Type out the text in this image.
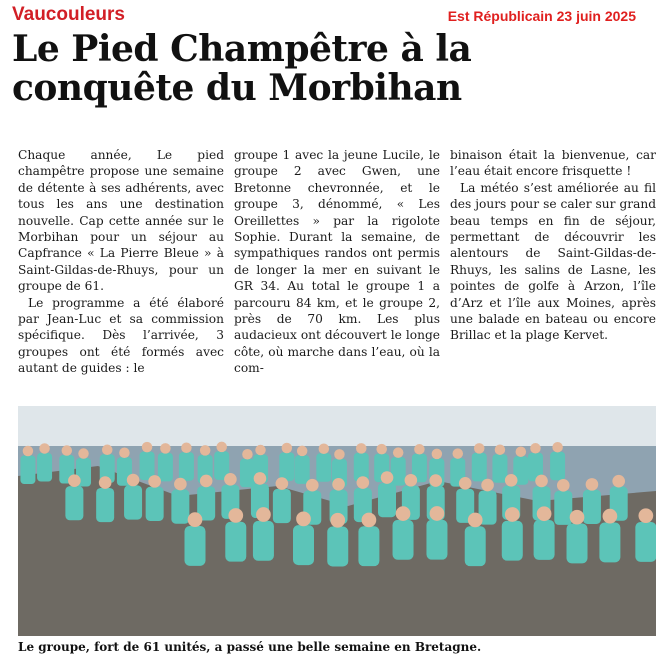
Vaucouleurs	Est Républicain 23 juin 2025
Le Pied Champêtre à la conquête du Morbihan

Chaque année, Le pied champêtre propose une semaine de détente à ses adhérents, avec tous les ans une destination nouvelle. Cap cette année sur le Morbihan pour un séjour au Capfrance « La Pierre Bleue » à Saint-Gildas-de-Rhuys, pour un groupe de 61.

Le programme a été élaboré par Jean-Luc et sa commission spécifique. Dès l’arrivée, 3 groupes ont été formés avec autant de guides : le

groupe 1 avec la jeune Lucile, le groupe 2 avec Gwen, une Bretonne chevronnée, et le groupe 3, dénommé, « Les Oreillettes » par la rigolote Sophie. Durant la semaine, de sympathiques randos ont permis de longer la mer en suivant le GR 34. Au total le groupe 1 a parcouru 84 km, et le groupe 2, près de 70 km. Les plus audacieux ont découvert le longe côte, où marche dans l’eau, où la com-

binaison était la bienvenue, car l’eau était encore frisquette !

La météo s’est améliorée au fil des jours pour se caler sur grand beau temps en fin de séjour, permettant de découvrir les alentours de Saint-Gildas-de-Rhuys, les salins de Lasne, les pointes de golfe à Arzon, l’île d’Arz et l’île aux Moines, après une balade en bateau ou encore Brillac et la plage Kervet.

Le groupe, fort de 61 unités, a passé une belle semaine en Bretagne.
